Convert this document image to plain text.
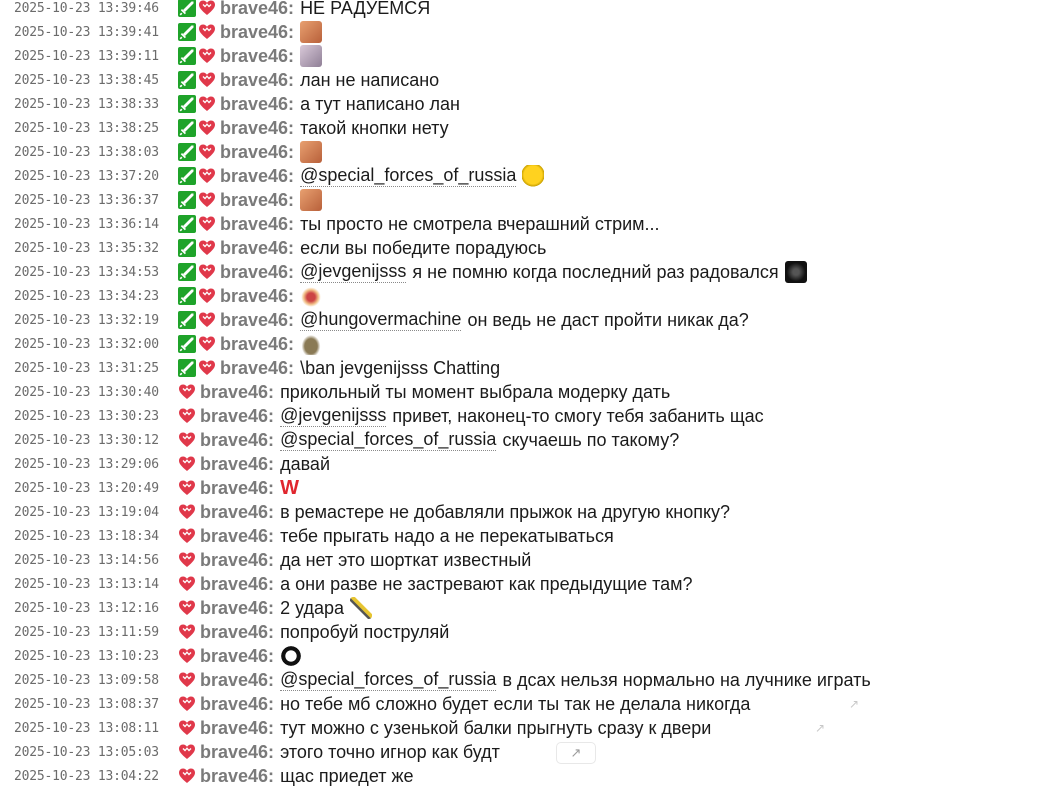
2025-10-23 13:39:46	brave46: НЕ РАДУЕМСЯ
2025-10-23 13:39:41	brave46:
2025-10-23 13:39:11	brave46:
2025-10-23 13:38:45	brave46: лан не написано
2025-10-23 13:38:33	brave46: а тут написано лан
2025-10-23 13:38:25	brave46: такой кнопки нету
2025-10-23 13:38:03	brave46:
2025-10-23 13:37:20	brave46: @special_forces_of_russia
2025-10-23 13:36:37	brave46:
2025-10-23 13:36:14	brave46: ты просто не смотрела вчерашний стрим...
2025-10-23 13:35:32	brave46: если вы победите порадуюсь
2025-10-23 13:34:53	brave46: @jevgenijsss я не помню когда последний раз радовался
2025-10-23 13:34:23	brave46:
2025-10-23 13:32:19	brave46: @hungovermachine он ведь не даст пройти никак да?
2025-10-23 13:32:00	brave46:
2025-10-23 13:31:25	brave46: \ban jevgenijsss Chatting
2025-10-23 13:30:40	brave46: прикольный ты момент выбрала модерку дать
2025-10-23 13:30:23	brave46: @jevgenijsss привет, наконец-то смогу тебя забанить щас
2025-10-23 13:30:12	brave46: @special_forces_of_russia скучаешь по такому?
2025-10-23 13:29:06	brave46: давай
2025-10-23 13:20:49	brave46: W
2025-10-23 13:19:04	brave46: в ремастере не добавляли прыжок на другую кнопку?
2025-10-23 13:18:34	brave46: тебе прыгать надо а не перекатываться
2025-10-23 13:14:56	brave46: да нет это шорткат известный
2025-10-23 13:13:14	brave46: а они разве не застревают как предыдущие там?
2025-10-23 13:12:16	brave46: 2 удара
2025-10-23 13:11:59	brave46: попробуй поструляй
2025-10-23 13:10:23	brave46:
2025-10-23 13:09:58	brave46: @special_forces_of_russia в дсах нельзя нормально на лучнике играть
2025-10-23 13:08:37	brave46: но тебе мб сложно будет если ты так не делала никогда	↗
2025-10-23 13:08:11	brave46: тут можно с узенькой балки прыгнуть сразу к двери	↗
2025-10-23 13:05:03	brave46: этого точно игнор как будт	↗
2025-10-23 13:04:22	brave46: щас приедет же
